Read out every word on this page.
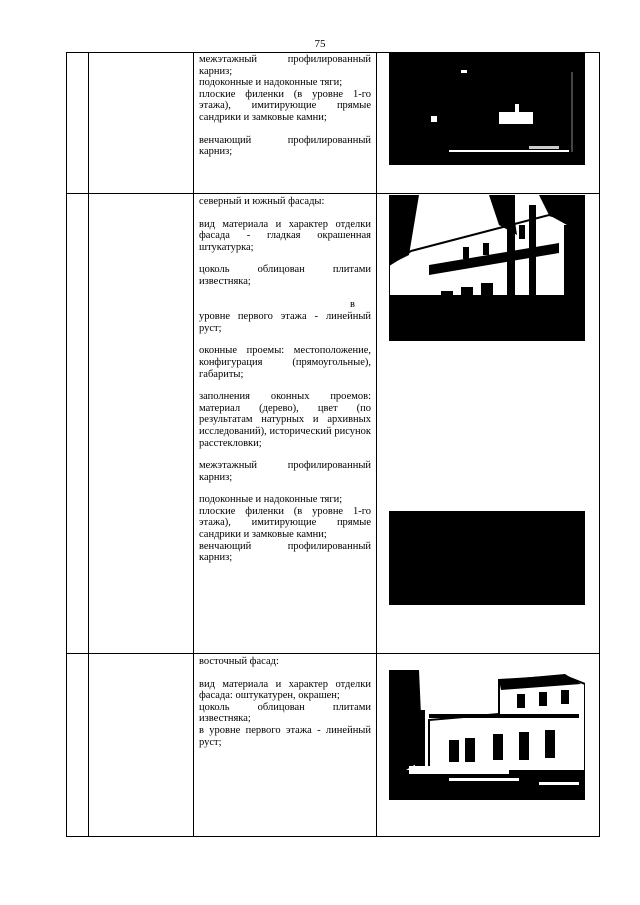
75

межэтажный профилированный карниз;

подоконные и надоконные тяги;

плоские филенки (в уровне 1-го этажа), имитирующие прямые сандрики и замковые камни;

венчающий профилированный карниз;

северный и южный фасады:

вид материала и характер отделки фасада - гладкая окрашенная штукатурка;

цоколь облицован плитами известняка;

в

уровне первого этажа - линейный руст;

оконные проемы: местоположение, конфигурация (прямоугольные), габариты;

заполнения оконных проемов: материал (дерево), цвет (по результатам натурных и архивных исследований), исторический рисунок расстекловки;

межэтажный профилированный карниз;

подоконные и надоконные тяги;

плоские филенки (в уровне 1-го этажа), имитирующие прямые сандрики и замковые камни;

венчающий профилированный карниз;

восточный фасад:

вид материала и характер отделки фасада: оштукатурен, окрашен;

цоколь облицован плитами известняка;

в уровне первого этажа - линейный руст;
